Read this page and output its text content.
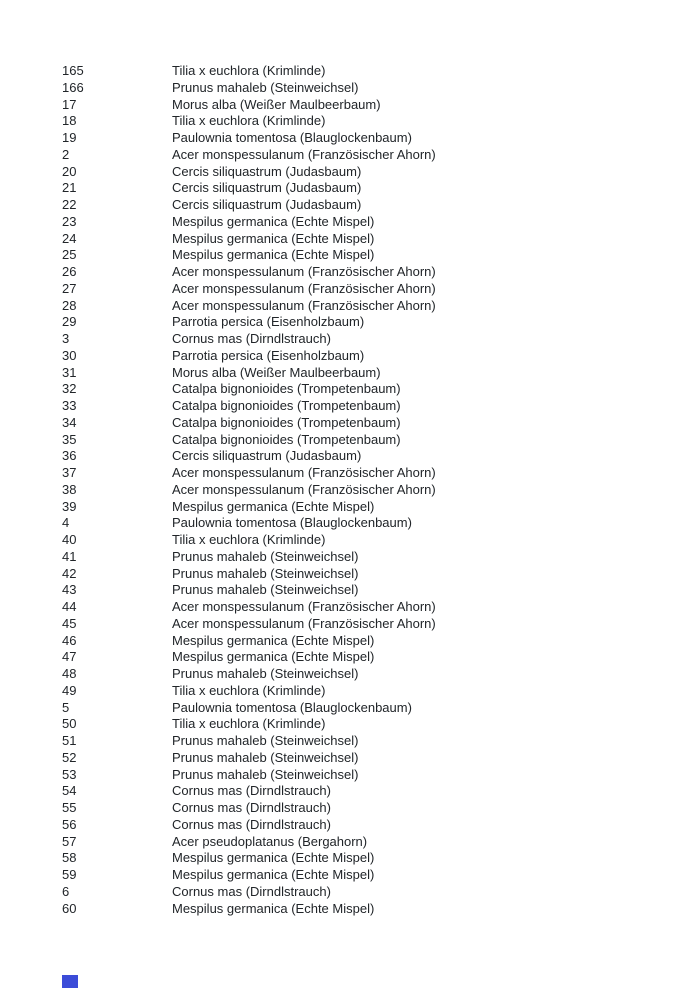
165	Tilia x euchlora (Krimlinde)
166	Prunus mahaleb (Steinweichsel)
17	Morus alba (Weißer Maulbeerbaum)
18	Tilia x euchlora (Krimlinde)
19	Paulownia tomentosa (Blauglockenbaum)
2	Acer monspessulanum (Französischer Ahorn)
20	Cercis siliquastrum (Judasbaum)
21	Cercis siliquastrum (Judasbaum)
22	Cercis siliquastrum (Judasbaum)
23	Mespilus germanica (Echte Mispel)
24	Mespilus germanica (Echte Mispel)
25	Mespilus germanica (Echte Mispel)
26	Acer monspessulanum (Französischer Ahorn)
27	Acer monspessulanum (Französischer Ahorn)
28	Acer monspessulanum (Französischer Ahorn)
29	Parrotia persica (Eisenholzbaum)
3	Cornus mas (Dirndlstrauch)
30	Parrotia persica (Eisenholzbaum)
31	Morus alba (Weißer Maulbeerbaum)
32	Catalpa bignonioides (Trompetenbaum)
33	Catalpa bignonioides (Trompetenbaum)
34	Catalpa bignonioides (Trompetenbaum)
35	Catalpa bignonioides (Trompetenbaum)
36	Cercis siliquastrum (Judasbaum)
37	Acer monspessulanum (Französischer Ahorn)
38	Acer monspessulanum (Französischer Ahorn)
39	Mespilus germanica (Echte Mispel)
4	Paulownia tomentosa (Blauglockenbaum)
40	Tilia x euchlora (Krimlinde)
41	Prunus mahaleb (Steinweichsel)
42	Prunus mahaleb (Steinweichsel)
43	Prunus mahaleb (Steinweichsel)
44	Acer monspessulanum (Französischer Ahorn)
45	Acer monspessulanum (Französischer Ahorn)
46	Mespilus germanica (Echte Mispel)
47	Mespilus germanica (Echte Mispel)
48	Prunus mahaleb (Steinweichsel)
49	Tilia x euchlora (Krimlinde)
5	Paulownia tomentosa (Blauglockenbaum)
50	Tilia x euchlora (Krimlinde)
51	Prunus mahaleb (Steinweichsel)
52	Prunus mahaleb (Steinweichsel)
53	Prunus mahaleb (Steinweichsel)
54	Cornus mas (Dirndlstrauch)
55	Cornus mas (Dirndlstrauch)
56	Cornus mas (Dirndlstrauch)
57	Acer pseudoplatanus (Bergahorn)
58	Mespilus germanica (Echte Mispel)
59	Mespilus germanica (Echte Mispel)
6	Cornus mas (Dirndlstrauch)
60	Mespilus germanica (Echte Mispel)
